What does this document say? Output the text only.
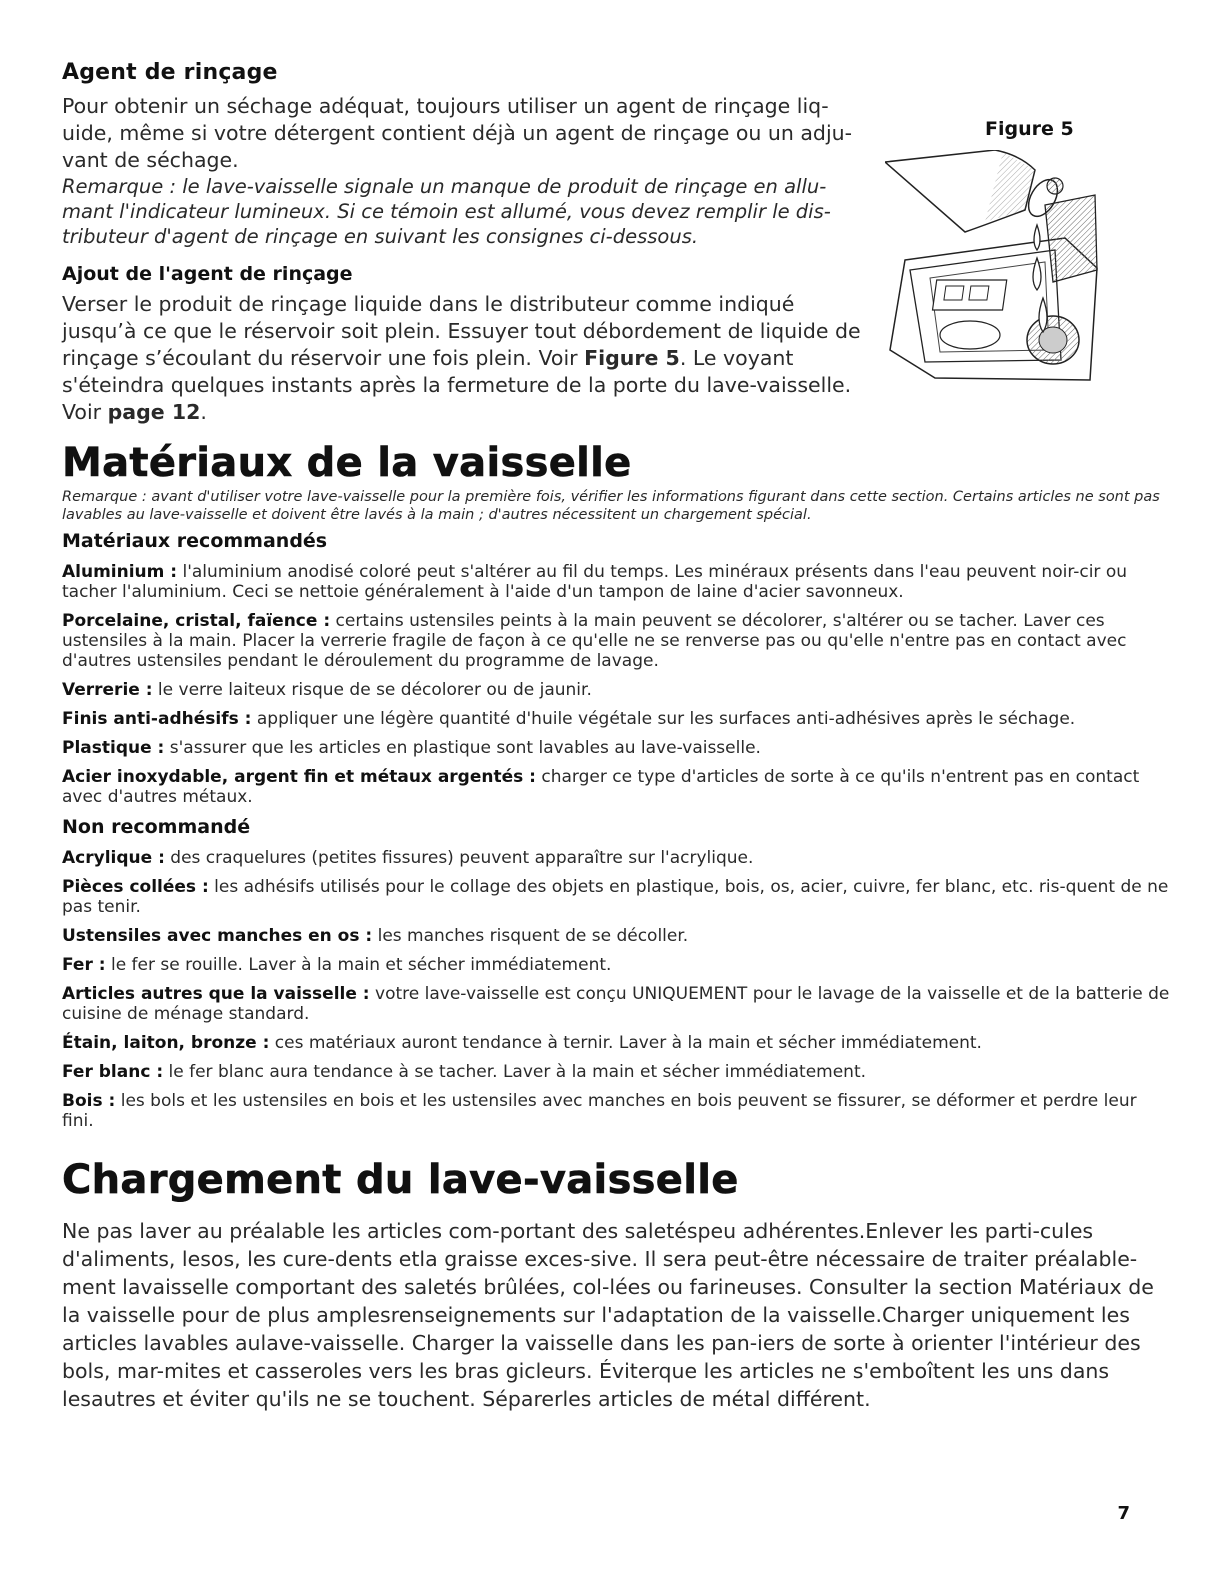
Agent de rinçage

Pour obtenir un séchage adéquat, toujours utiliser un agent de rinçage liq-uide, même si votre détergent contient déjà un agent de rinçage ou un adju-vant de séchage.

Remarque : le lave-vaisselle signale un manque de produit de rinçage en allu-mant l'indicateur lumineux. Si ce témoin est allumé, vous devez remplir le dis-tributeur d'agent de rinçage en suivant les consignes ci-dessous.

Ajout de l'agent de rinçage

Verser le produit de rinçage liquide dans le distributeur comme indiqué jusqu’à ce que le réservoir soit plein. Essuyer tout débordement de liquide de rinçage s’écoulant du réservoir une fois plein. Voir Figure 5. Le voyant s'éteindra quelques instants après la fermeture de la porte du lave-vaisselle. Voir page 12.

Matériaux de la vaisselle

Remarque : avant d'utiliser votre lave-vaisselle pour la première fois, vérifier les informations figurant dans cette section. Certains articles ne sont pas lavables au lave-vaisselle et doivent être lavés à la main ; d'autres nécessitent un chargement spécial.

Matériaux recommandés

Aluminium : l'aluminium anodisé coloré peut s'altérer au fil du temps. Les minéraux présents dans l'eau peuvent noir-cir ou tacher l'aluminium. Ceci se nettoie généralement à l'aide d'un tampon de laine d'acier savonneux.

Porcelaine, cristal, faïence : certains ustensiles peints à la main peuvent se décolorer, s'altérer ou se tacher. Laver ces ustensiles à la main. Placer la verrerie fragile de façon à ce qu'elle ne se renverse pas ou qu'elle n'entre pas en contact avec d'autres ustensiles pendant le déroulement du programme de lavage.

Verrerie : le verre laiteux risque de se décolorer ou de jaunir.

Finis anti-adhésifs : appliquer une légère quantité d'huile végétale sur les surfaces anti-adhésives après le séchage.

Plastique : s'assurer que les articles en plastique sont lavables au lave-vaisselle.

Acier inoxydable, argent fin et métaux argentés : charger ce type d'articles de sorte à ce qu'ils n'entrent pas en contact avec d'autres métaux.

Non recommandé

Acrylique : des craquelures (petites fissures) peuvent apparaître sur l'acrylique.

Pièces collées : les adhésifs utilisés pour le collage des objets en plastique, bois, os, acier, cuivre, fer blanc, etc. ris-quent de ne pas tenir.

Ustensiles avec manches en os : les manches risquent de se décoller.

Fer : le fer se rouille. Laver à la main et sécher immédiatement.

Articles autres que la vaisselle : votre lave-vaisselle est conçu UNIQUEMENT pour le lavage de la vaisselle et de la batterie de cuisine de ménage standard.

Étain, laiton, bronze : ces matériaux auront tendance à ternir. Laver à la main et sécher immédiatement.

Fer blanc : le fer blanc aura tendance à se tacher. Laver à la main et sécher immédiatement.

Bois : les bols et les ustensiles en bois et les ustensiles avec manches en bois peuvent se fissurer, se déformer et perdre leur fini.

Chargement du lave-vaisselle

Ne pas laver au préalable les articles com-portant des saletéspeu adhérentes.Enlever les parti-cules d'aliments, lesos, les cure-dents etla graisse exces-sive. Il sera peut-être nécessaire de traiter préalable-ment lavaisselle comportant des saletés brûlées, col-lées ou farineuses. Consulter la section Matériaux de la vaisselle pour de plus amplesrenseignements sur l'adaptation de la vaisselle.Charger uniquement les articles lavables aulave-vaisselle. Charger la vaisselle dans les pan-iers de sorte à orienter l'intérieur des bols, mar-mites et casseroles vers les bras gicleurs. Éviterque les articles ne s'emboîtent les uns dans lesautres et éviter qu'ils ne se touchent. Séparerles articles de métal différent.

Figure 5
7
